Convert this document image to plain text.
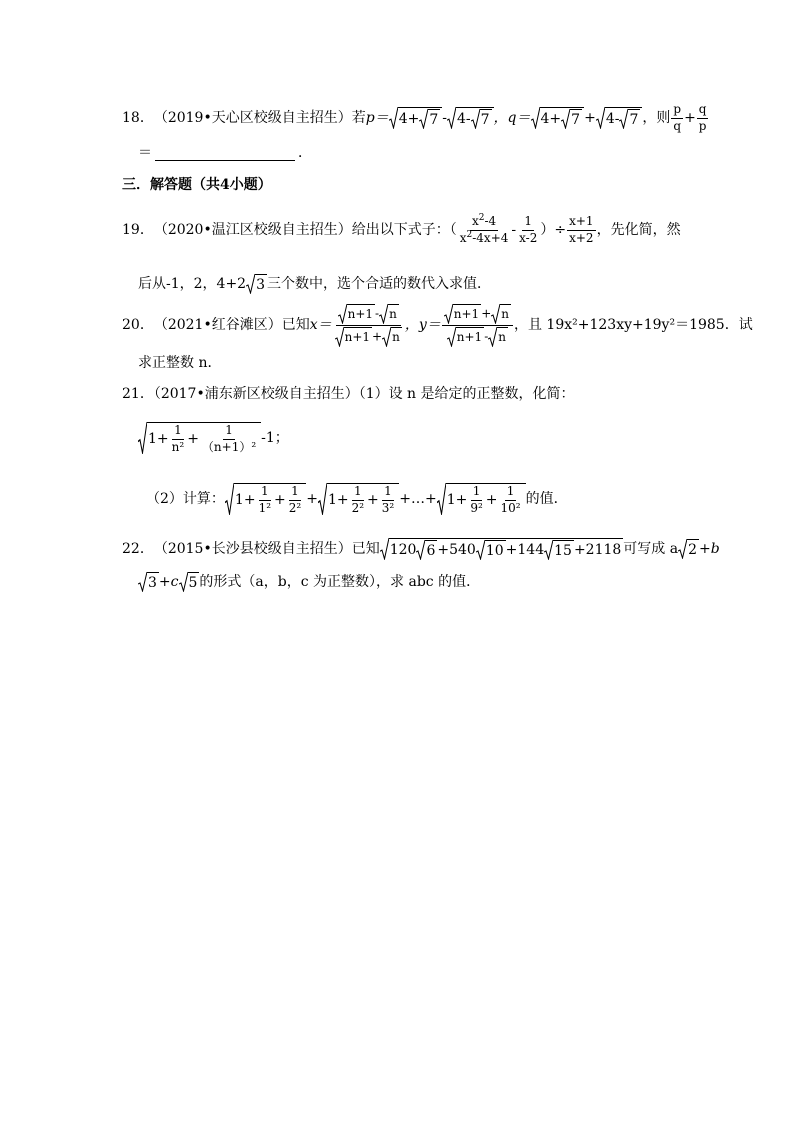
18． （2019•天心区校级自主招生）若 p＝ 4+ 7 - 4- 7 ，q＝ 4+ 7 + 4- 7 ，则 $\frac{p}{q} + \frac{q}{p}$
＝	．
三．解答题（共4小题）
19． （2020•温江区校级自主招生）给出以下式子：（ $\frac{x^2-4}{x^2-4x+4} - \frac{1}{x-2}$ ）÷ $\frac{x+1}{x+2}$ ，先化简，然
后从-1，2，4+2 3 三个数中，选个合适的数代入求值．
20． （2021•红谷滩区）已知 $x= \frac{n+1 - n}{n+1 + n}$ ，$y= \frac{n+1 + n}{n+1 - n}$ ，且 19x²+123xy+19y²＝1985．试
求正整数 n．
21．（2017•浦东新区校级自主招生）（1）设 n 是给定的正整数，化简：
$1+ \frac{1}{\text{n²}} + \frac{1}{\text{（n+1）²}} -1$；
（2）计算： $1+ \frac{1}{\text{1²}} + \frac{1}{\text{2²}} + 1+ \frac{1}{\text{2²}} + \frac{1}{\text{3²}}$ +…+ $1+ \frac{1}{\text{9²}} + \frac{1}{\text{10²}}$ 的值．
22． （2015•长沙县校级自主招生）已知 120 6 +540 10 +144 15 +2118 可写成 a 2 +b
3 +c 5 的形式（a，b，c 为正整数），求 abc 的值．
